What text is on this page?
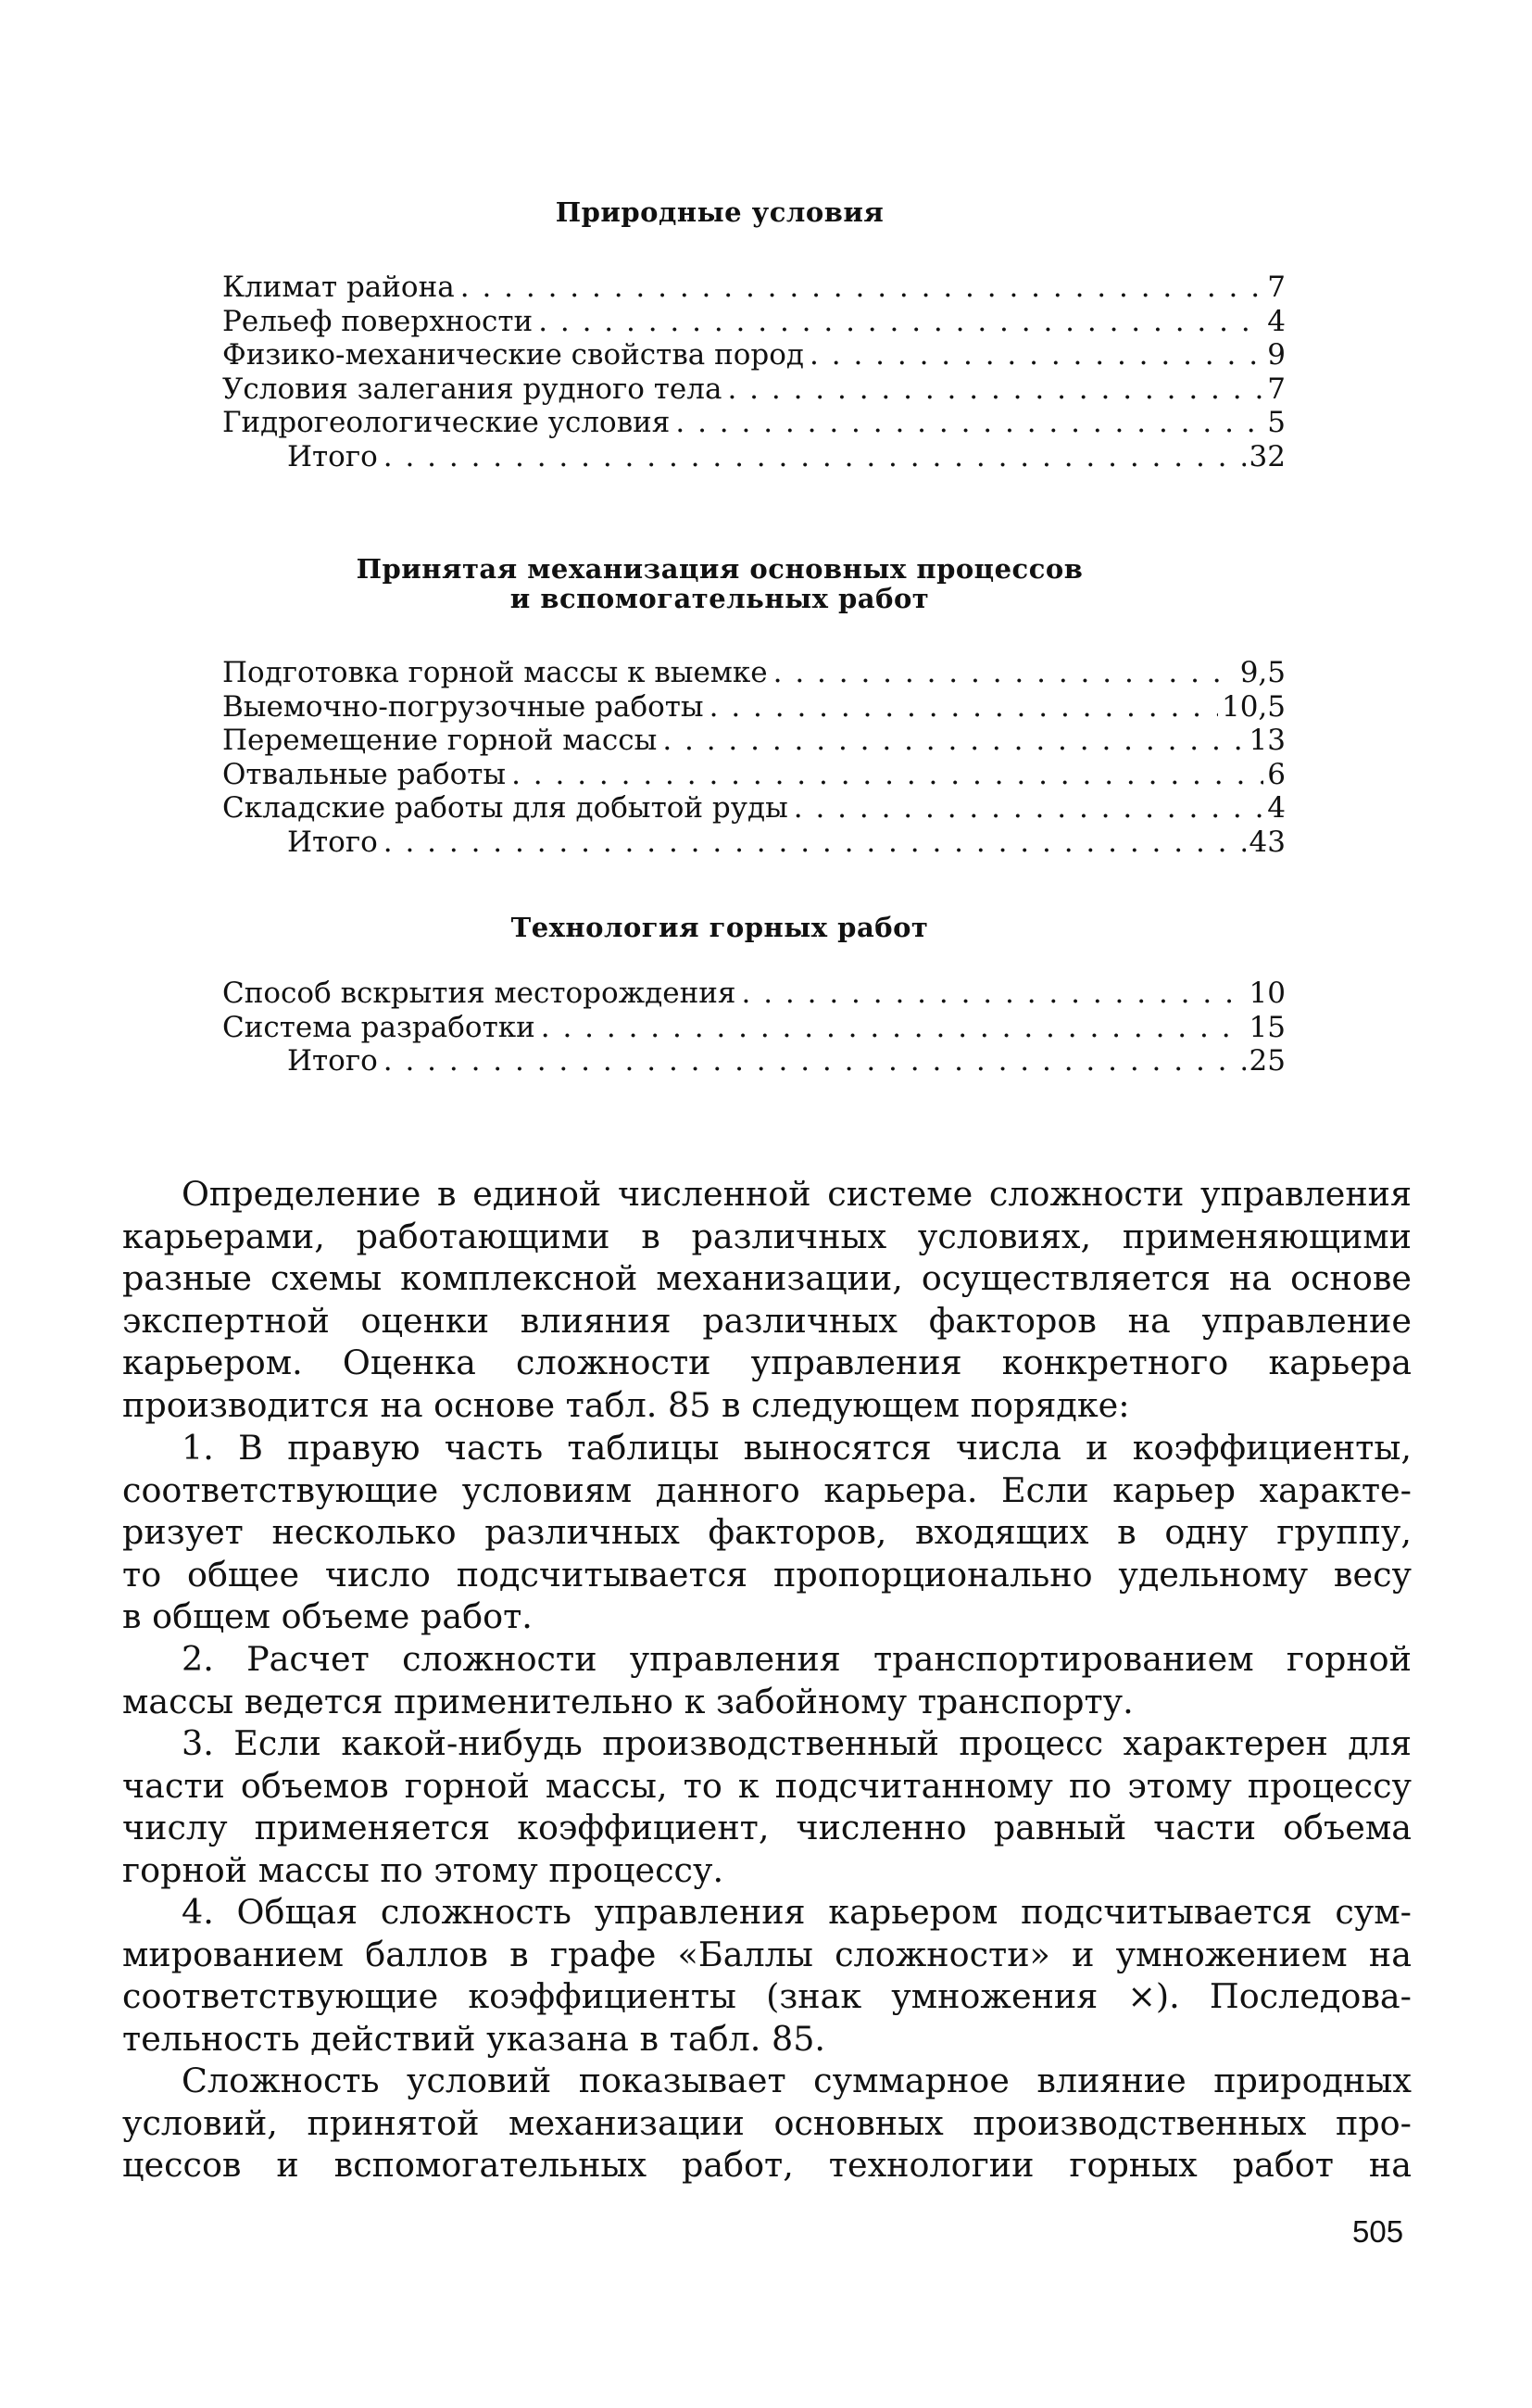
Природные условия
Климат района . . .	7
Рельеф поверхности . . .	4
Физико-механические свойства пород . . .	9
Условия залегания рудного тела . . .	7
Гидрогеологические условия . . .	5
Итого . . .	32
Принятая механизация основных процессов
и вспомогательных работ
Подготовка горной массы к выемке . . .	9,5
Выемочно-погрузочные работы . . .	10,5
Перемещение горной массы . . .	13
Отвальные работы . . .	6
Складские работы для добытой руды . . .	4
Итого . . .	43
Технология горных работ
Способ вскрытия месторождения . . .	10
Система разработки . . .	15
Итого . . .	25
Определение в единой численной системе сложности управления
карьерами, работающими в различных условиях, применяющими
разные схемы комплексной механизации, осуществляется на основе
экспертной оценки влияния различных факторов на управление
карьером. Оценка сложности управления конкретного карьера
производится на основе табл. 85 в следующем порядке:
1. В правую часть таблицы выносятся числа и коэффициенты,
соответствующие условиям данного карьера. Если карьер характе-
ризует несколько различных факторов, входящих в одну группу,
то общее число подсчитывается пропорционально удельному весу
в общем объеме работ.
2. Расчет сложности управления транспортированием горной
массы ведется применительно к забойному транспорту.
3. Если какой-нибудь производственный процесс характерен для
части объемов горной массы, то к подсчитанному по этому процессу
числу применяется коэффициент, численно равный части объема
горной массы по этому процессу.
4. Общая сложность управления карьером подсчитывается сум-
мированием баллов в графе «Баллы сложности» и умножением на
соответствующие коэффициенты (знак умножения ×). Последова-
тельность действий указана в табл. 85.
Сложность условий показывает суммарное влияние природных
условий, принятой механизации основных производственных про-
цессов и вспомогательных работ, технологии горных работ на
505
